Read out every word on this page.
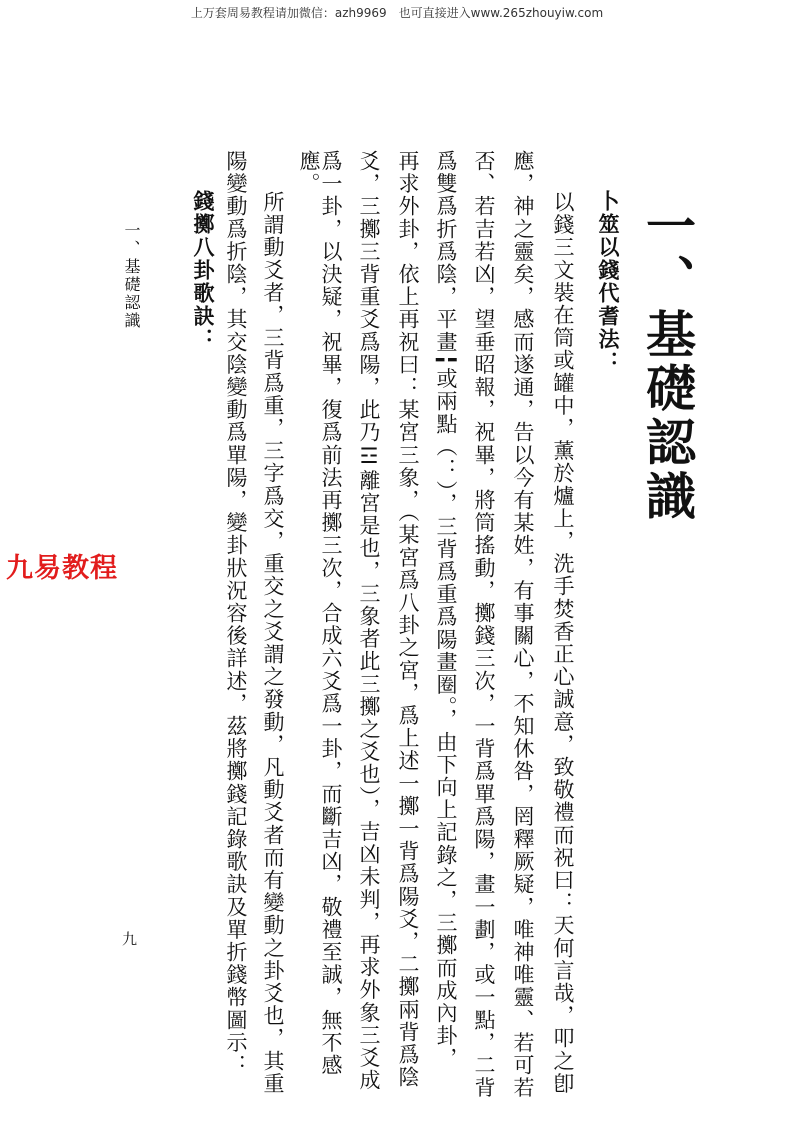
上万套周易教程请加微信：azh9969　也可直接进入www.265zhouyiw.com
一、基礎認識
卜筮以錢代耆法：
以錢三文裝在筒或罐中，薰於爐上，洗手焚香正心誠意，致敬禮而祝曰：天何言哉，叩之卽
應，神之靈矣，感而遂通，告以今有某姓，有事關心，不知休咎，罔釋厥疑，唯神唯靈、若可若
否、若吉若凶，望垂昭報，祝畢，將筒搖動，擲錢三次，一背爲單爲陽，畫一劃，或一點，二背
爲雙爲折爲陰，平畫╏或兩點（：），三背爲重爲陽畫圈。，由下向上記錄之，三擲而成內卦，
再求外卦，依上再祝曰：某宮三象，（某宮爲八卦之宮，爲上述一擲一背爲陽爻，二擲兩背爲陰
爻，三擲三背重爻爲陽，此乃☲離宮是也，三象者此三擲之爻也），吉凶未判，再求外象三爻成
爲一卦，以決疑，祝畢，復爲前法再擲三次，合成六爻爲一卦，而斷吉凶，敬禮至誠，無不感
應。
所謂動爻者，三背爲重，三字爲交，重交之爻謂之發動，凡動爻者而有變動之卦爻也，其重
陽變動爲折陰，其交陰變動爲單陽，變卦狀況容後詳述，茲將擲錢記錄歌訣及單折錢幣圖示：
錢擲八卦歌訣：
一、基礎認識
九
九易教程
